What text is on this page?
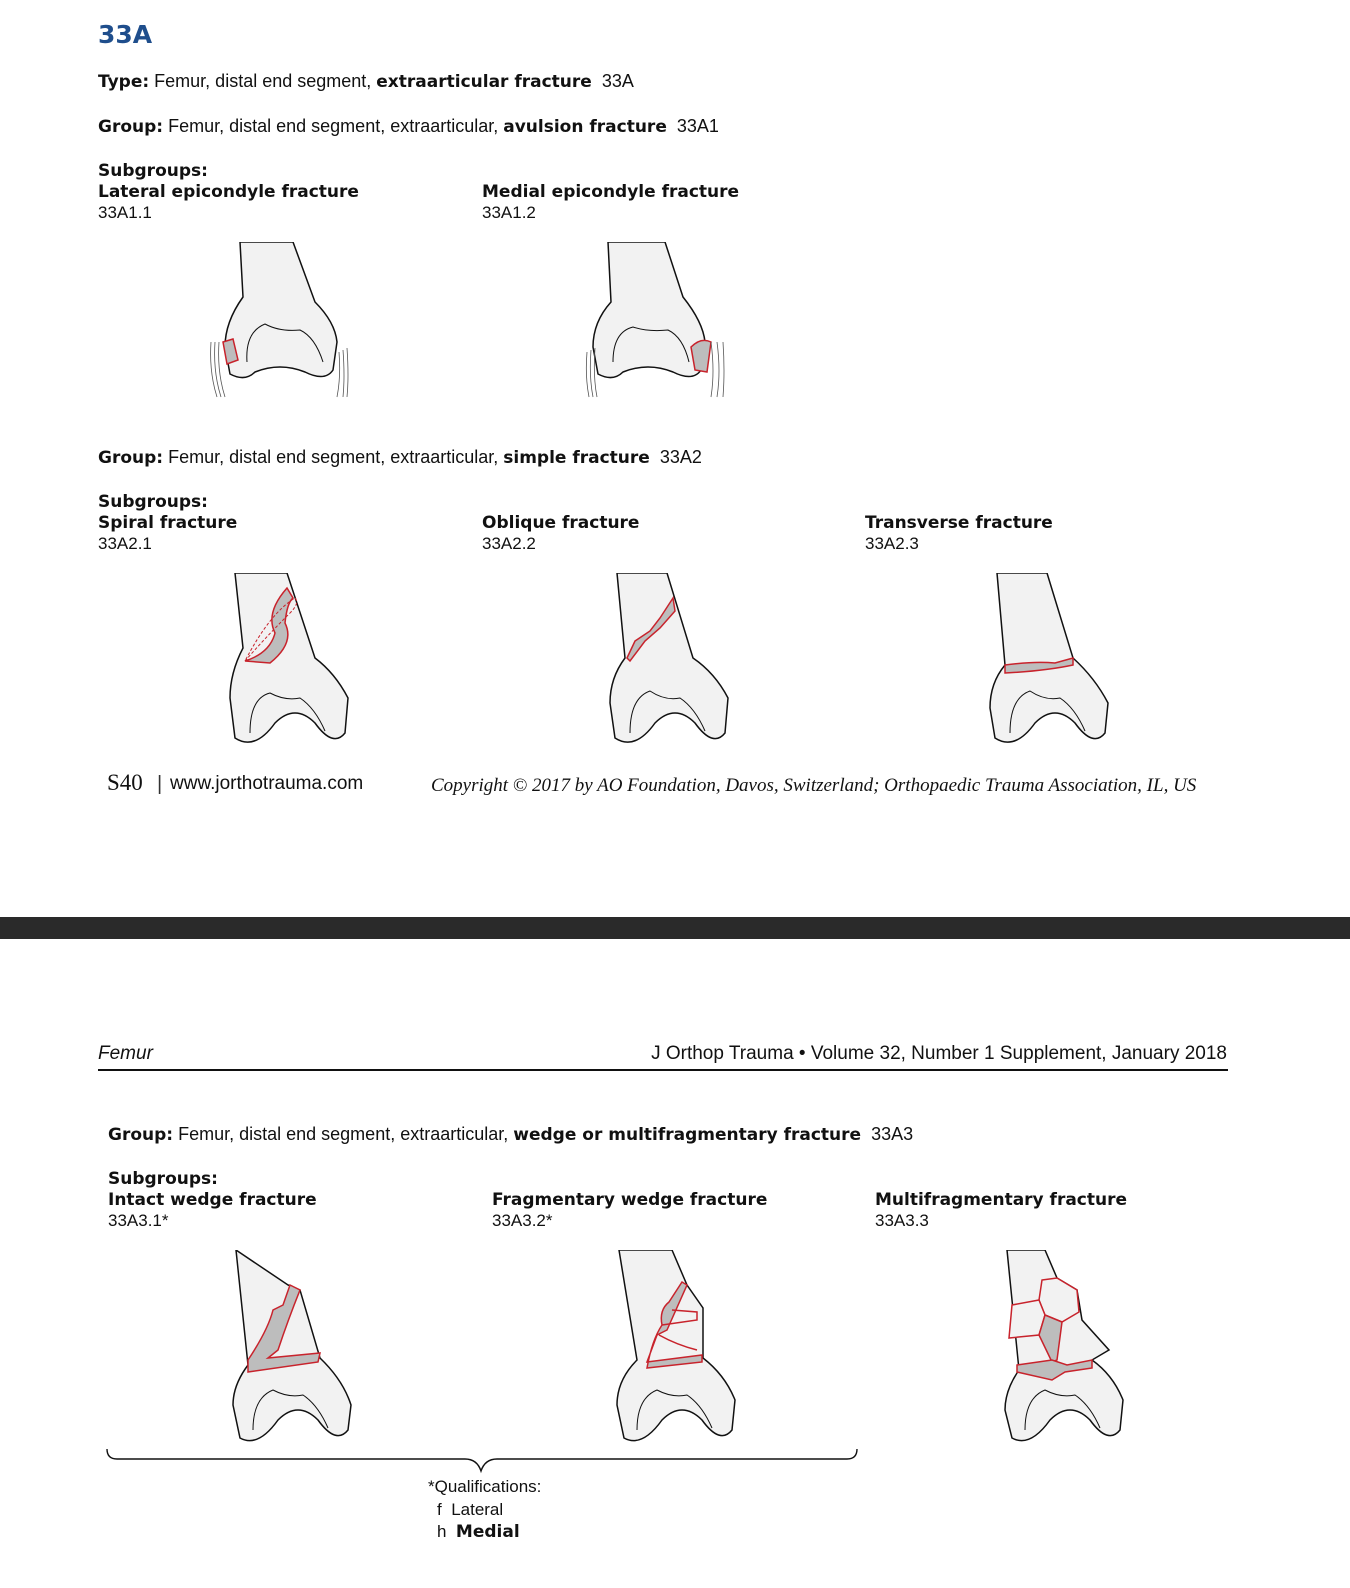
33A
Type: Femur, distal end segment, extraarticular fracture 33A
Group: Femur, distal end segment, extraarticular, avulsion fracture 33A1
Subgroups:
Lateral epicondyle fracture
33A1.1
Medial epicondyle fracture
33A1.2
Group: Femur, distal end segment, extraarticular, simple fracture 33A2
Subgroups:
Spiral fracture
33A2.1
Oblique fracture
33A2.2
Transverse fracture
33A2.3
S40 | www.jorthotrauma.com	Copyright © 2017 by AO Foundation, Davos, Switzerland; Orthopaedic Trauma Association, IL, US
Femur	J Orthop Trauma • Volume 32, Number 1 Supplement, January 2018
Group: Femur, distal end segment, extraarticular, wedge or multifragmentary fracture 33A3
Subgroups:
Intact wedge fracture
33A3.1*
Fragmentary wedge fracture
33A3.2*
Multifragmentary fracture
33A3.3
*Qualifications:
f Lateral
h Medial
